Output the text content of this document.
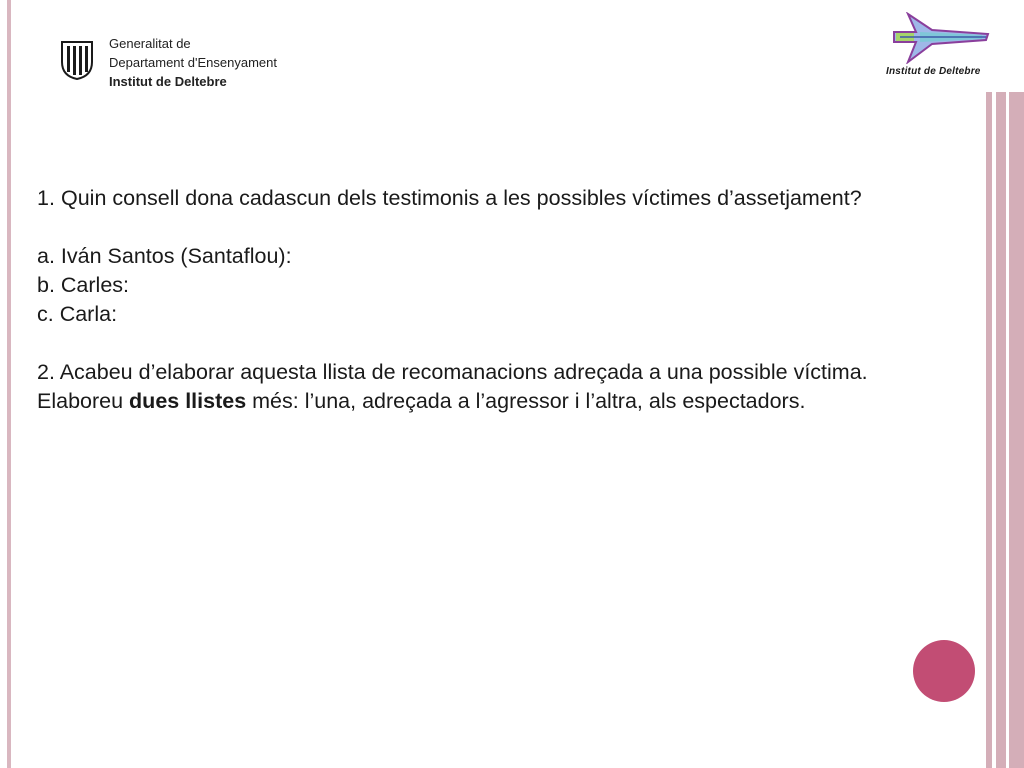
Generalitat de
Departament d'Ensenyament
Institut de Deltebre
Institut de Deltebre
1. Quin consell dona cadascun dels testimonis a les possibles víctimes d’assetjament?
a. Iván Santos (Santaflou):
b. Carles:
c. Carla:
2. Acabeu d’elaborar aquesta llista de recomanacions adreçada a una possible víctima.
Elaboreu dues llistes més: l’una, adreçada a l’agressor i l’altra, als espectadors.
